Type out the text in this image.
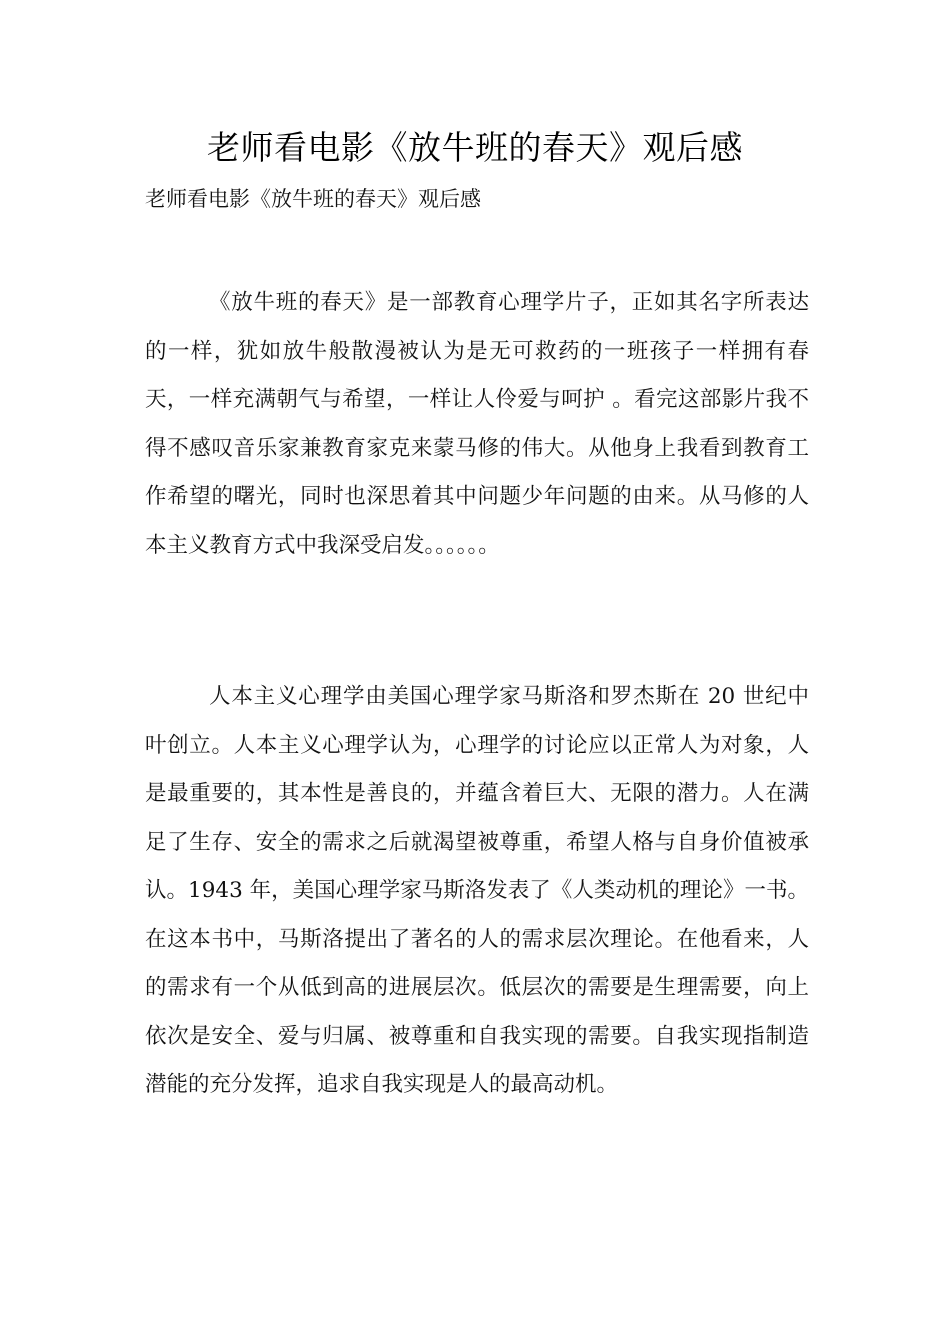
老师看电影《放牛班的春天》观后感
老师看电影《放牛班的春天》观后感

《放牛班的春天》是一部教育心理学片子，正如其名字所表达的一样，犹如放牛般散漫被认为是无可救药的一班孩子一样拥有春天，一样充满朝气与希望，一样让人伶爱与呵护 。看完这部影片我不得不感叹音乐家兼教育家克来蒙马修的伟大。从他身上我看到教育工作希望的曙光，同时也深思着其中问题少年问题的由来。从马修的人本主义教育方式中我深受启发。。。。。。

人本主义心理学由美国心理学家马斯洛和罗杰斯在 20 世纪中叶创立。人本主义心理学认为，心理学的讨论应以正常人为对象，人是最重要的，其本性是善良的，并蕴含着巨大、无限的潜力。人在满足了生存、安全的需求之后就渴望被尊重，希望人格与自身价值被承认。1943 年，美国心理学家马斯洛发表了《人类动机的理论》一书。在这本书中，马斯洛提出了著名的人的需求层次理论。在他看来，人的需求有一个从低到高的进展层次。低层次的需要是生理需要，向上依次是安全、爱与归属、被尊重和自我实现的需要。自我实现指制造潜能的充分发挥，追求自我实现是人的最高动机。
